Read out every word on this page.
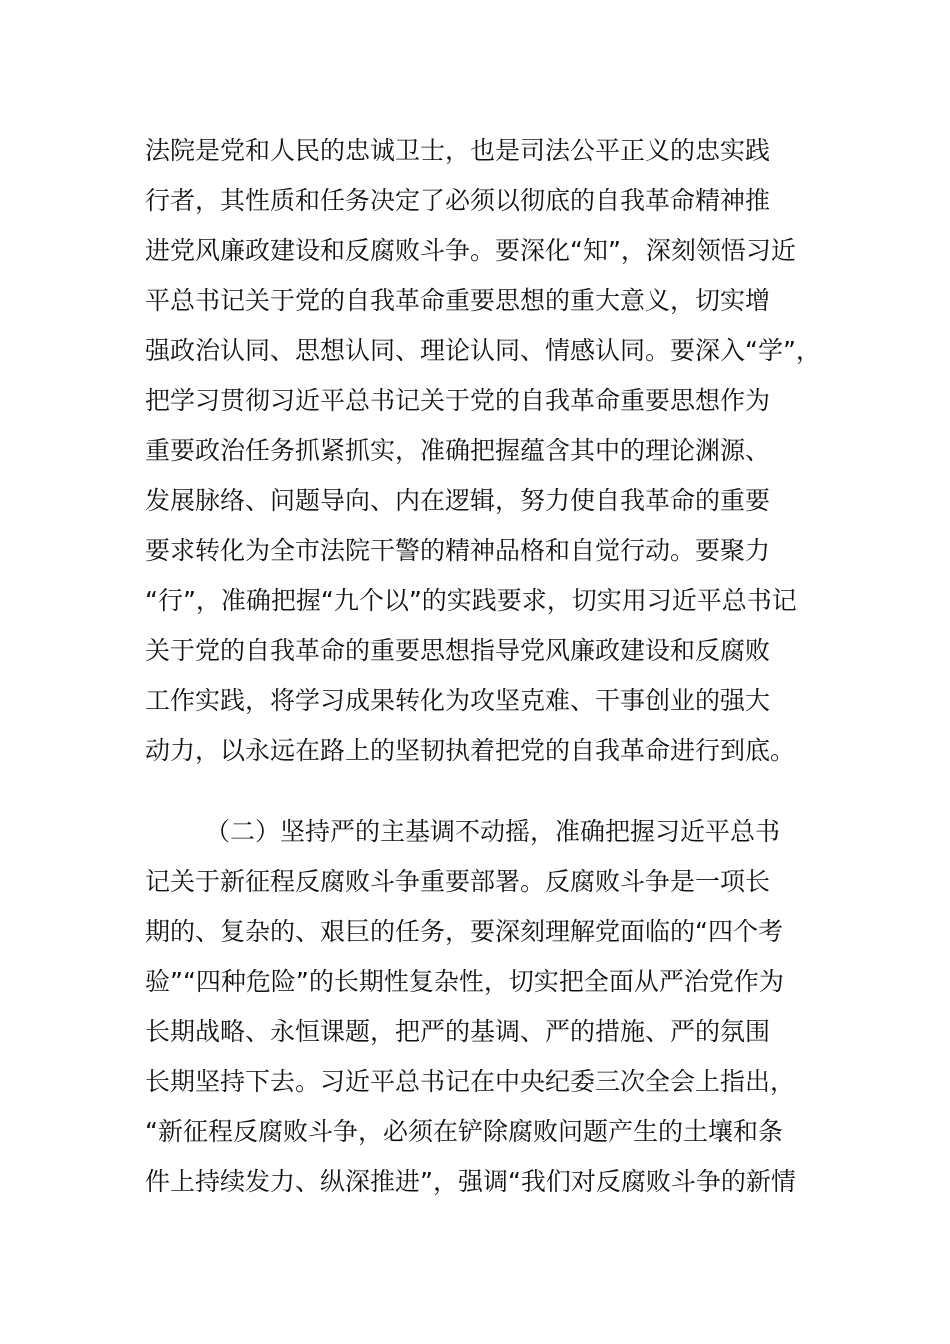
法院是党和人民的忠诚卫士，也是司法公平正义的忠实践
行者，其性质和任务决定了必须以彻底的自我革命精神推
进党风廉政建设和反腐败斗争。要深化“知”，深刻领悟习近
平总书记关于党的自我革命重要思想的重大意义，切实增
强政治认同、思想认同、理论认同、情感认同。要深入“学”，
把学习贯彻习近平总书记关于党的自我革命重要思想作为
重要政治任务抓紧抓实，准确把握蕴含其中的理论渊源、
发展脉络、问题导向、内在逻辑，努力使自我革命的重要
要求转化为全市法院干警的精神品格和自觉行动。要聚力
“行”，准确把握“九个以”的实践要求，切实用习近平总书记
关于党的自我革命的重要思想指导党风廉政建设和反腐败
工作实践，将学习成果转化为攻坚克难、干事创业的强大
动力，以永远在路上的坚韧执着把党的自我革命进行到底。
（二）坚持严的主基调不动摇，准确把握习近平总书
记关于新征程反腐败斗争重要部署。反腐败斗争是一项长
期的、复杂的、艰巨的任务，要深刻理解党面临的“四个考
验”“四种危险”的长期性复杂性，切实把全面从严治党作为
长期战略、永恒课题，把严的基调、严的措施、严的氛围
长期坚持下去。习近平总书记在中央纪委三次全会上指出，
“新征程反腐败斗争，必须在铲除腐败问题产生的土壤和条
件上持续发力、纵深推进”，强调“我们对反腐败斗争的新情
